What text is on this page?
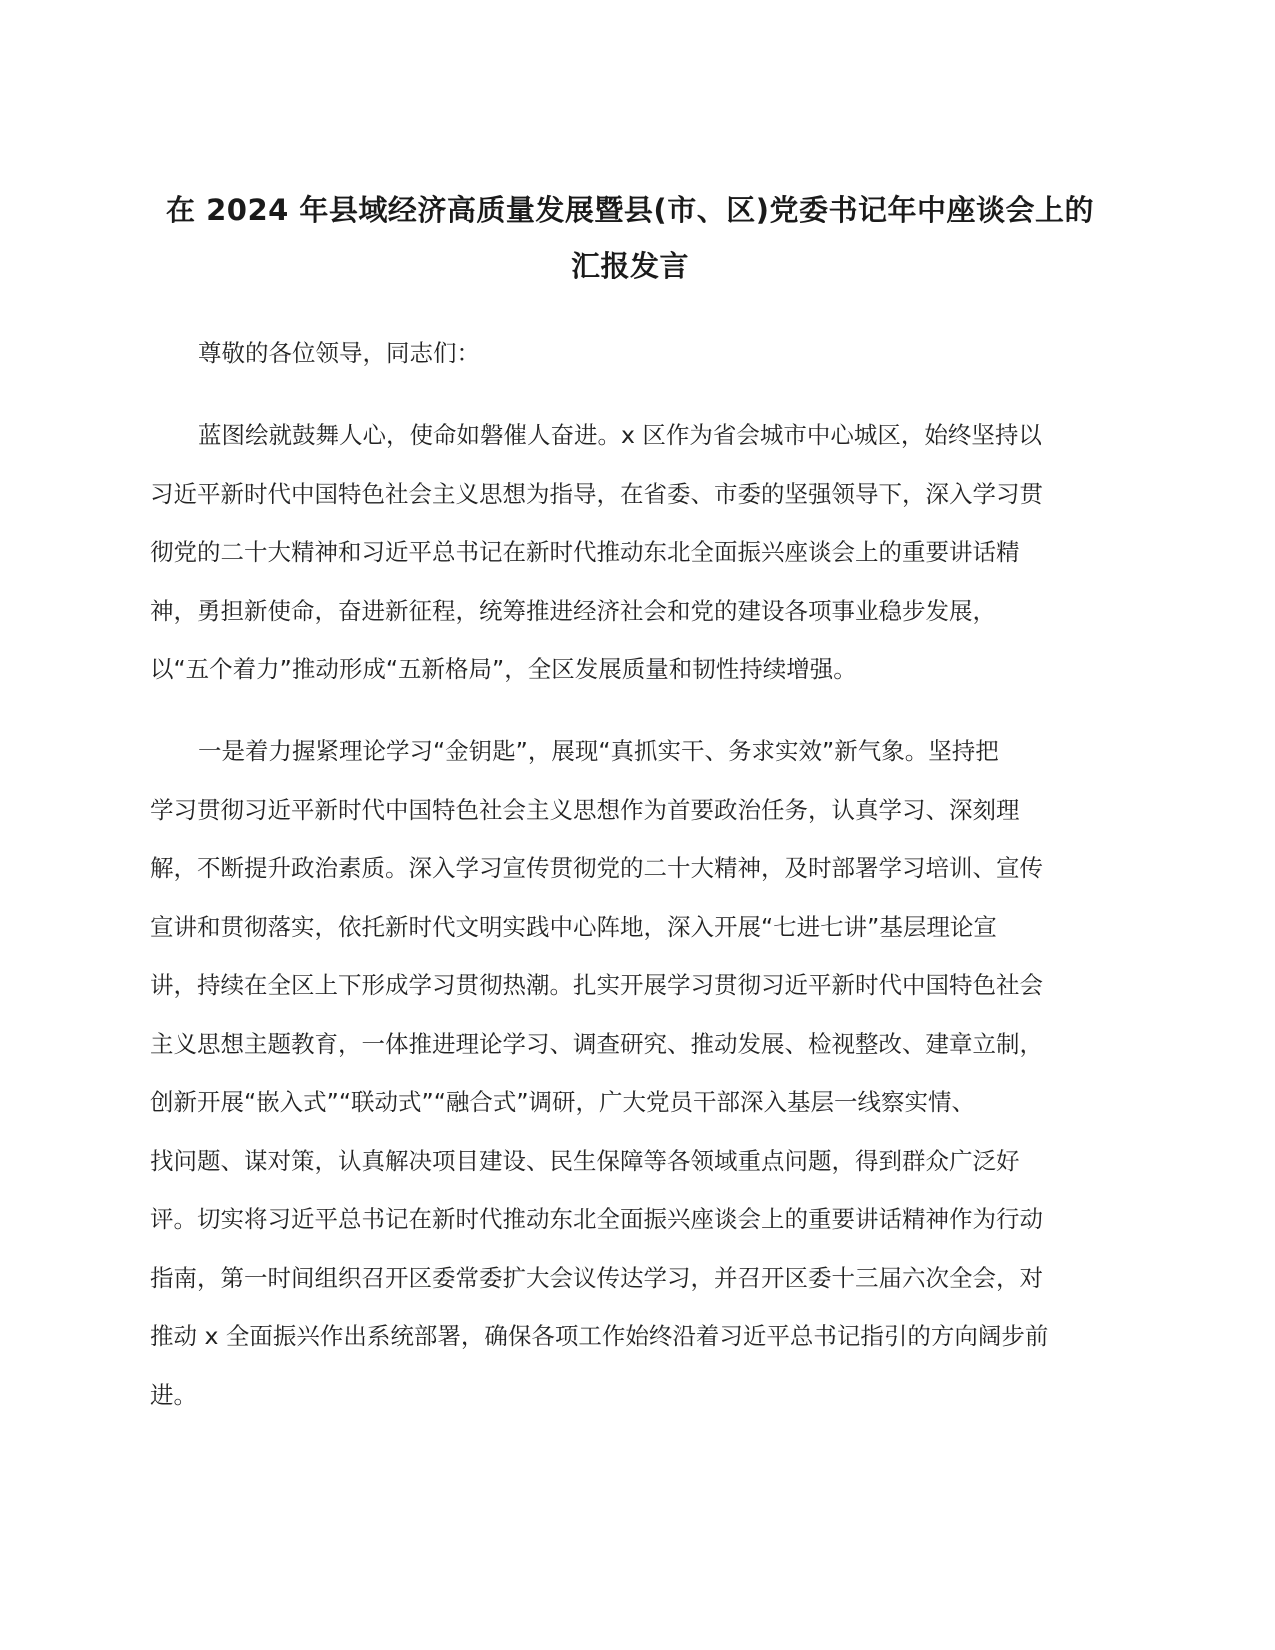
在 2024 年县域经济高质量发展暨县(市、区)党委书记年中座谈会上的
汇报发言

尊敬的各位领导，同志们：

蓝图绘就鼓舞人心，使命如磐催人奋进。x 区作为省会城市中心城区，始终坚持以
习近平新时代中国特色社会主义思想为指导，在省委、市委的坚强领导下，深入学习贯
彻党的二十大精神和习近平总书记在新时代推动东北全面振兴座谈会上的重要讲话精
神，勇担新使命，奋进新征程，统筹推进经济社会和党的建设各项事业稳步发展，
以“五个着力”推动形成“五新格局”，全区发展质量和韧性持续增强。

一是着力握紧理论学习“金钥匙”，展现“真抓实干、务求实效”新气象。坚持把
学习贯彻习近平新时代中国特色社会主义思想作为首要政治任务，认真学习、深刻理
解，不断提升政治素质。深入学习宣传贯彻党的二十大精神，及时部署学习培训、宣传
宣讲和贯彻落实，依托新时代文明实践中心阵地，深入开展“七进七讲”基层理论宣
讲，持续在全区上下形成学习贯彻热潮。扎实开展学习贯彻习近平新时代中国特色社会
主义思想主题教育，一体推进理论学习、调查研究、推动发展、检视整改、建章立制，
创新开展“嵌入式”“联动式”“融合式”调研，广大党员干部深入基层一线察实情、
找问题、谋对策，认真解决项目建设、民生保障等各领域重点问题，得到群众广泛好
评。切实将习近平总书记在新时代推动东北全面振兴座谈会上的重要讲话精神作为行动
指南，第一时间组织召开区委常委扩大会议传达学习，并召开区委十三届六次全会，对
推动 x 全面振兴作出系统部署，确保各项工作始终沿着习近平总书记指引的方向阔步前
进。
